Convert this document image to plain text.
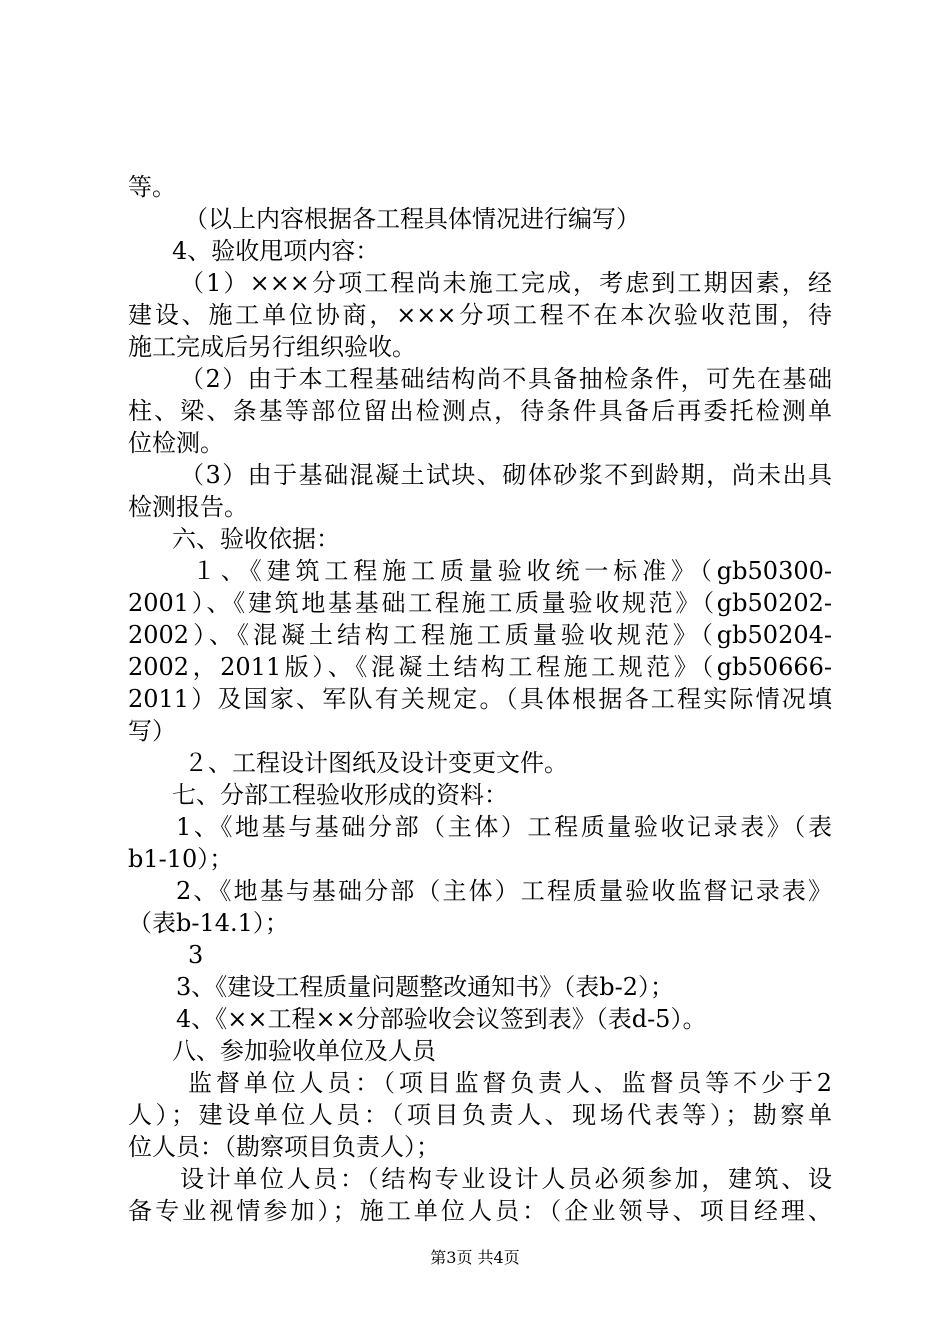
等。
（以上内容根据各工程具体情况进行编写）
4、验收甩项内容：
（1）×××分项工程尚未施工完成，考虑到工期因素，经
建设、施工单位协商，×××分项工程不在本次验收范围，待
施工完成后另行组织验收。
（2）由于本工程基础结构尚不具备抽检条件，可先在基础
柱、梁、条基等部位留出检测点，待条件具备后再委托检测单
位检测。
（3）由于基础混凝土试块、砌体砂浆不到龄期，尚未出具
检测报告。
六、验收依据：
１、《建筑工程施工质量验收统一标准》（gb50300-
2001）、《建筑地基基础工程施工质量验收规范》（gb50202-
2002）、《混凝土结构工程施工质量验收规范》（gb50204-
2002，2011版）、《混凝土结构工程施工规范》（gb50666-
2011）及国家、军队有关规定。（具体根据各工程实际情况填
写）
２、工程设计图纸及设计变更文件。
七、分部工程验收形成的资料：
1、《地基与基础分部（主体）工程质量验收记录表》（表
b1-10）；
2、《地基与基础分部（主体）工程质量验收监督记录表》
（表b-14.1）；
3
3、《建设工程质量问题整改通知书》（表b-2）；
4、《××工程××分部验收会议签到表》（表d-5）。
八、参加验收单位及人员
监督单位人员：（项目监督负责人、监督员等不少于2
人）；建设单位人员：（项目负责人、现场代表等）；勘察单
位人员：（勘察项目负责人）；
设计单位人员：（结构专业设计人员必须参加，建筑、设
备专业视情参加）；施工单位人员：（企业领导、项目经理、
第3页 共4页
